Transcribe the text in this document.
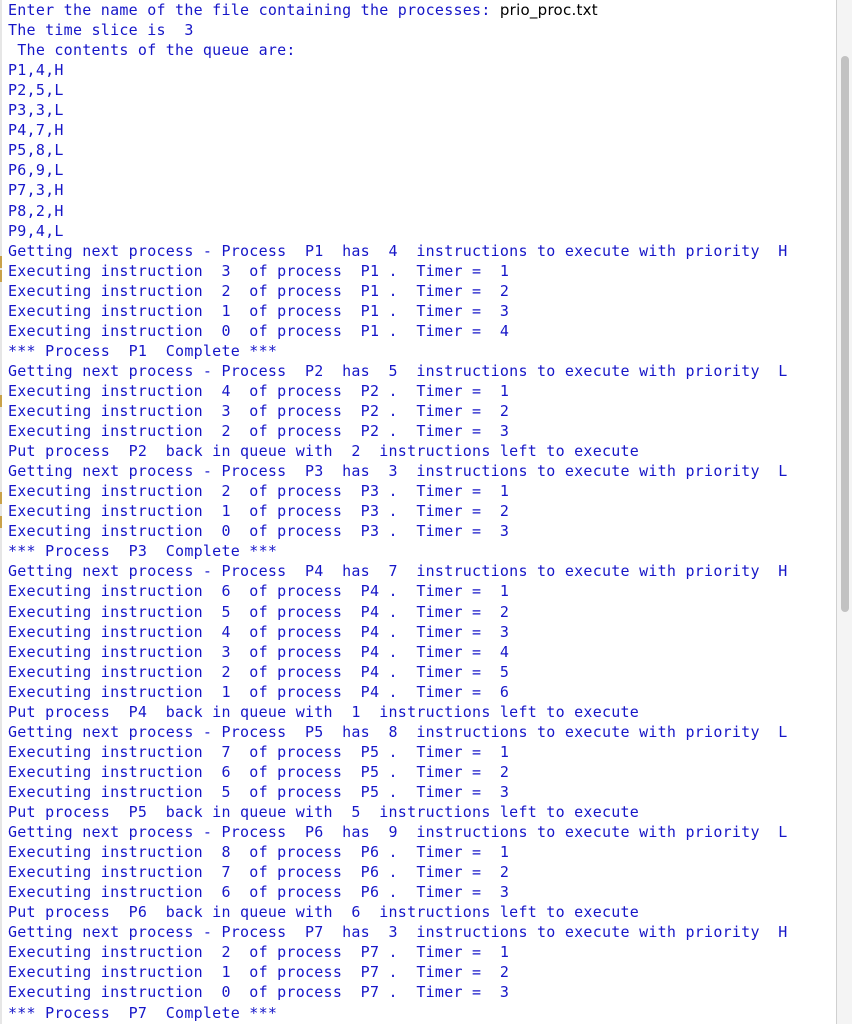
Enter the name of the file containing the processes: prio_proc.txt
The time slice is  3
The contents of the queue are:
P1,4,H
P2,5,L
P3,3,L
P4,7,H
P5,8,L
P6,9,L
P7,3,H
P8,2,H
P9,4,L
Getting next process - Process  P1  has  4  instructions to execute with priority  H
Executing instruction  3  of process  P1 .  Timer =  1
Executing instruction  2  of process  P1 .  Timer =  2
Executing instruction  1  of process  P1 .  Timer =  3
Executing instruction  0  of process  P1 .  Timer =  4
*** Process  P1  Complete ***
Getting next process - Process  P2  has  5  instructions to execute with priority  L
Executing instruction  4  of process  P2 .  Timer =  1
Executing instruction  3  of process  P2 .  Timer =  2
Executing instruction  2  of process  P2 .  Timer =  3
Put process  P2  back in queue with  2  instructions left to execute
Getting next process - Process  P3  has  3  instructions to execute with priority  L
Executing instruction  2  of process  P3 .  Timer =  1
Executing instruction  1  of process  P3 .  Timer =  2
Executing instruction  0  of process  P3 .  Timer =  3
*** Process  P3  Complete ***
Getting next process - Process  P4  has  7  instructions to execute with priority  H
Executing instruction  6  of process  P4 .  Timer =  1
Executing instruction  5  of process  P4 .  Timer =  2
Executing instruction  4  of process  P4 .  Timer =  3
Executing instruction  3  of process  P4 .  Timer =  4
Executing instruction  2  of process  P4 .  Timer =  5
Executing instruction  1  of process  P4 .  Timer =  6
Put process  P4  back in queue with  1  instructions left to execute
Getting next process - Process  P5  has  8  instructions to execute with priority  L
Executing instruction  7  of process  P5 .  Timer =  1
Executing instruction  6  of process  P5 .  Timer =  2
Executing instruction  5  of process  P5 .  Timer =  3
Put process  P5  back in queue with  5  instructions left to execute
Getting next process - Process  P6  has  9  instructions to execute with priority  L
Executing instruction  8  of process  P6 .  Timer =  1
Executing instruction  7  of process  P6 .  Timer =  2
Executing instruction  6  of process  P6 .  Timer =  3
Put process  P6  back in queue with  6  instructions left to execute
Getting next process - Process  P7  has  3  instructions to execute with priority  H
Executing instruction  2  of process  P7 .  Timer =  1
Executing instruction  1  of process  P7 .  Timer =  2
Executing instruction  0  of process  P7 .  Timer =  3
*** Process  P7  Complete ***
